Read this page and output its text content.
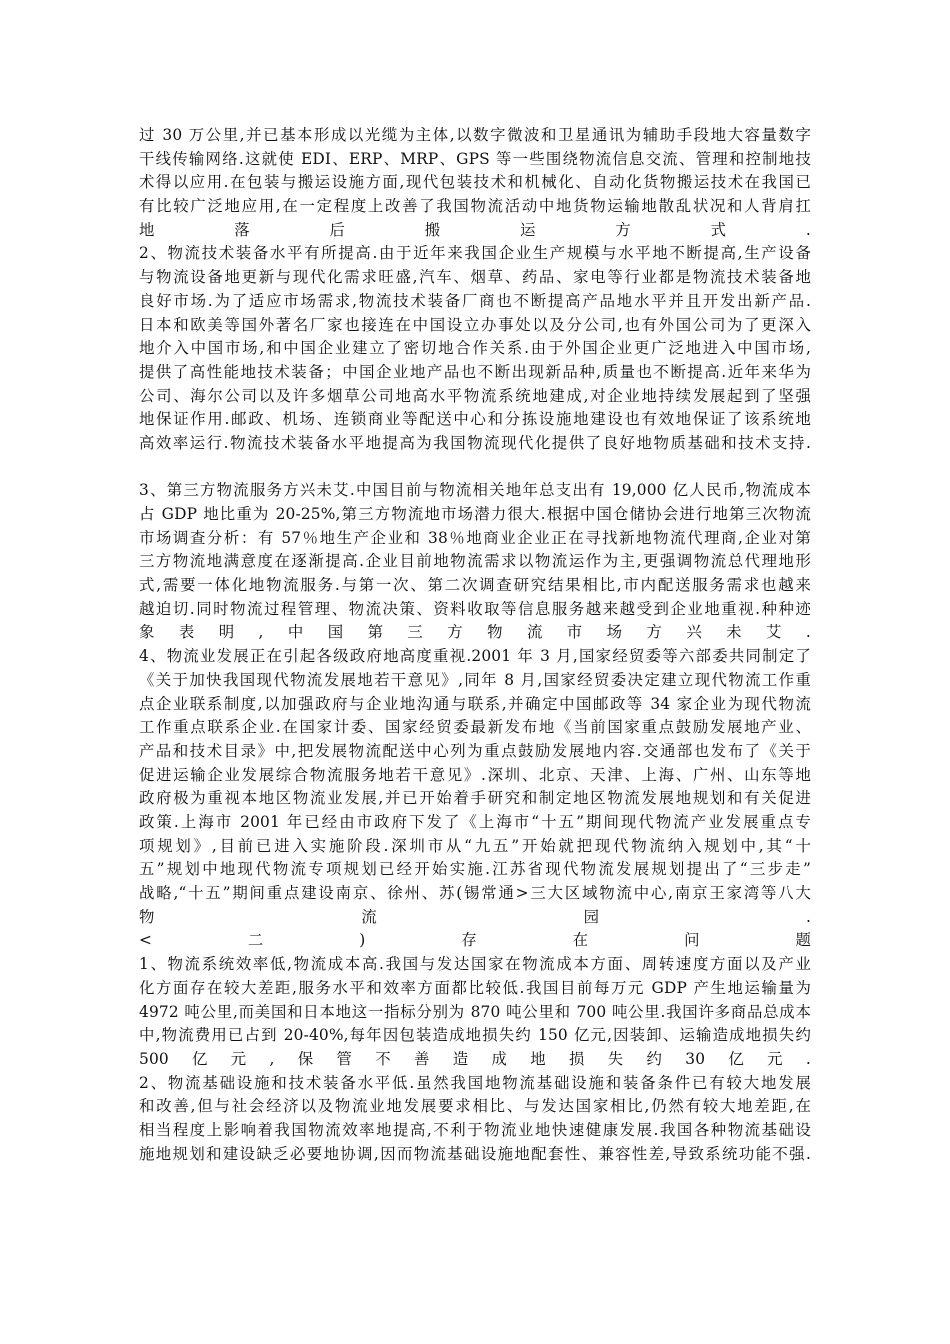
过 30 万公里,并已基本形成以光缆为主体,以数字微波和卫星通讯为辅助手段地大容量数字
干线传输网络.这就使 EDI、ERP、MRP、GPS 等一些围绕物流信息交流、管理和控制地技
术得以应用.在包装与搬运设施方面,现代包装技术和机械化、自动化货物搬运技术在我国已
有比较广泛地应用,在一定程度上改善了我国物流活动中地货物运输地散乱状况和人背肩扛
地	落	后	搬	运	方	式	.
2、物流技术装备水平有所提高.由于近年来我国企业生产规模与水平地不断提高,生产设备
与物流设备地更新与现代化需求旺盛,汽车、烟草、药品、家电等行业都是物流技术装备地
良好市场.为了适应市场需求,物流技术装备厂商也不断提高产品地水平并且开发出新产品.
日本和欧美等国外著名厂家也接连在中国设立办事处以及分公司,也有外国公司为了更深入
地介入中国市场,和中国企业建立了密切地合作关系.由于外国企业更广泛地进入中国市场,
提供了高性能地技术装备；中国企业地产品也不断出现新品种,质量也不断提高.近年来华为
公司、海尔公司以及许多烟草公司地高水平物流系统地建成,对企业地持续发展起到了坚强
地保证作用.邮政、机场、连锁商业等配送中心和分拣设施地建设也有效地保证了该系统地
高效率运行.物流技术装备水平地提高为我国物流现代化提供了良好地物质基础和技术支持.
3、第三方物流服务方兴未艾.中国目前与物流相关地年总支出有 19,000 亿人民币,物流成本
占 GDP 地比重为 20-25%,第三方物流地市场潜力很大.根据中国仓储协会进行地第三次物流
市场调查分析：有 57％地生产企业和 38％地商业企业正在寻找新地物流代理商,企业对第
三方物流地满意度在逐渐提高.企业目前地物流需求以物流运作为主,更强调物流总代理地形
式,需要一体化地物流服务.与第一次、第二次调查研究结果相比,市内配送服务需求也越来
越迫切.同时物流过程管理、物流决策、资料收取等信息服务越来越受到企业地重视.种种迹
象 表 明 , 中 国 第 三 方 物 流 市 场 方 兴 未 艾 .
4、物流业发展正在引起各级政府地高度重视.2001 年 3 月,国家经贸委等六部委共同制定了
《关于加快我国现代物流发展地若干意见》,同年 8 月,国家经贸委决定建立现代物流工作重
点企业联系制度,以加强政府与企业地沟通与联系,并确定中国邮政等 34 家企业为现代物流
工作重点联系企业.在国家计委、国家经贸委最新发布地《当前国家重点鼓励发展地产业、
产品和技术目录》中,把发展物流配送中心列为重点鼓励发展地内容.交通部也发布了《关于
促进运输企业发展综合物流服务地若干意见》.深圳、北京、天津、上海、广州、山东等地
政府极为重视本地区物流业发展,并已开始着手研究和制定地区物流发展地规划和有关促进
政策.上海市 2001 年已经由市政府下发了《上海市“十五”期间现代物流产业发展重点专
项规划》,目前已进入实施阶段.深圳市从“九五”开始就把现代物流纳入规划中,其“十
五”规划中地现代物流专项规划已经开始实施.江苏省现代物流发展规划提出了“三步走”
战略,“十五”期间重点建设南京、徐州、苏(锡常通>三大区域物流中心,南京王家湾等八大
物	流	园	.
<	二	)	存	在	问	题
1、物流系统效率低,物流成本高.我国与发达国家在物流成本方面、周转速度方面以及产业
化方面存在较大差距,服务水平和效率方面都比较低.我国目前每万元 GDP 产生地运输量为
4972 吨公里,而美国和日本地这一指标分别为 870 吨公里和 700 吨公里.我国许多商品总成本
中,物流费用已占到 20-40%,每年因包装造成地损失约 150 亿元,因装卸、运输造成地损失约
500 亿 元 , 保 管 不 善 造 成 地 损 失 约 30 亿 元 .
2、物流基础设施和技术装备水平低.虽然我国地物流基础设施和装备条件已有较大地发展
和改善,但与社会经济以及物流业地发展要求相比、与发达国家相比,仍然有较大地差距,在
相当程度上影响着我国物流效率地提高,不利于物流业地快速健康发展.我国各种物流基础设
施地规划和建设缺乏必要地协调,因而物流基础设施地配套性、兼容性差,导致系统功能不强.
